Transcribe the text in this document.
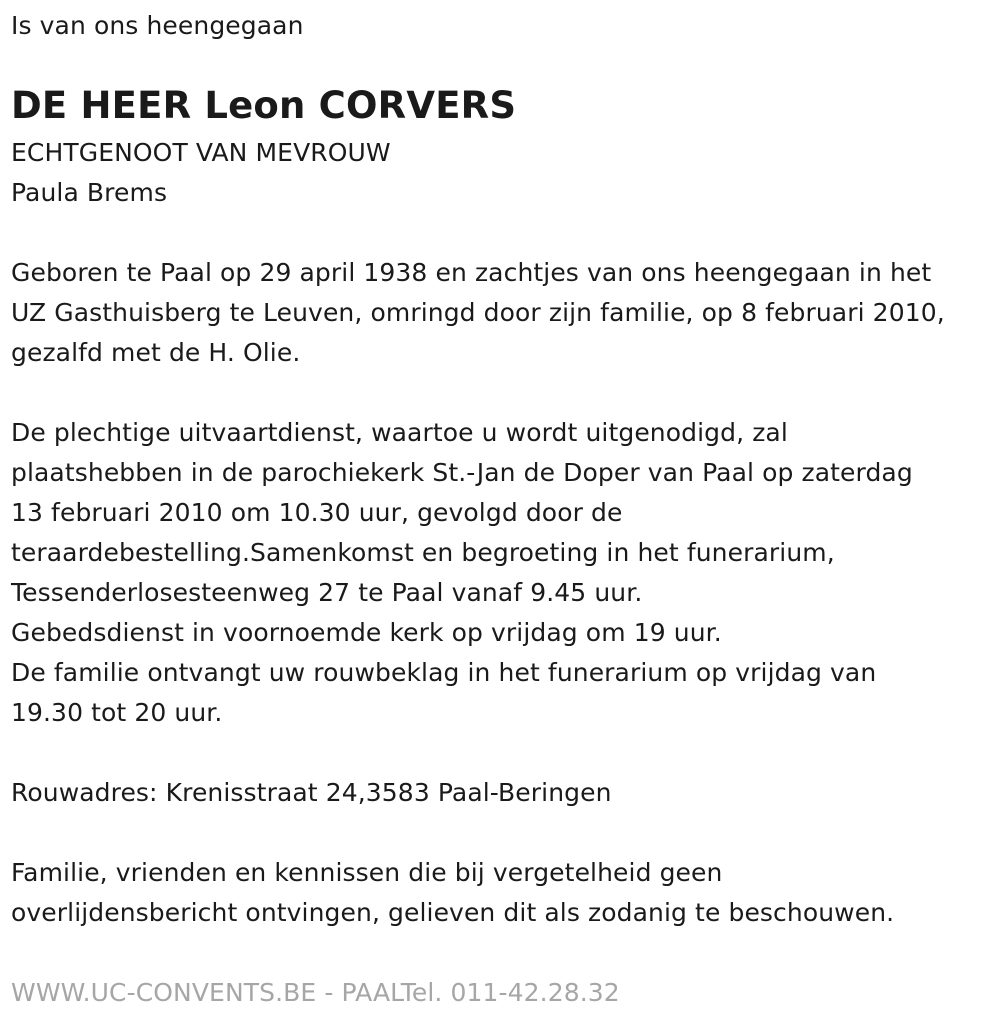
Is van ons heengegaan
DE HEER Leon CORVERS
ECHTGENOOT VAN MEVROUW
Paula Brems
Geboren te Paal op 29 april 1938 en zachtjes van ons heengegaan in het
UZ Gasthuisberg te Leuven, omringd door zijn familie, op 8 februari 2010,
gezalfd met de H. Olie.
De plechtige uitvaartdienst, waartoe u wordt uitgenodigd, zal
plaatshebben in de parochiekerk St.-Jan de Doper van Paal op zaterdag
13 februari 2010 om 10.30 uur, gevolgd door de
teraardebestelling.Samenkomst en begroeting in het funerarium,
Tessenderlosesteenweg 27 te Paal vanaf 9.45 uur.
Gebedsdienst in voornoemde kerk op vrijdag om 19 uur.
De familie ontvangt uw rouwbeklag in het funerarium op vrijdag van
19.30 tot 20 uur.
Rouwadres: Krenisstraat 24,3583 Paal-Beringen
Familie, vrienden en kennissen die bij vergetelheid geen
overlijdensbericht ontvingen, gelieven dit als zodanig te beschouwen.
WWW.UC-CONVENTS.BE - PAALTel. 011-42.28.32
